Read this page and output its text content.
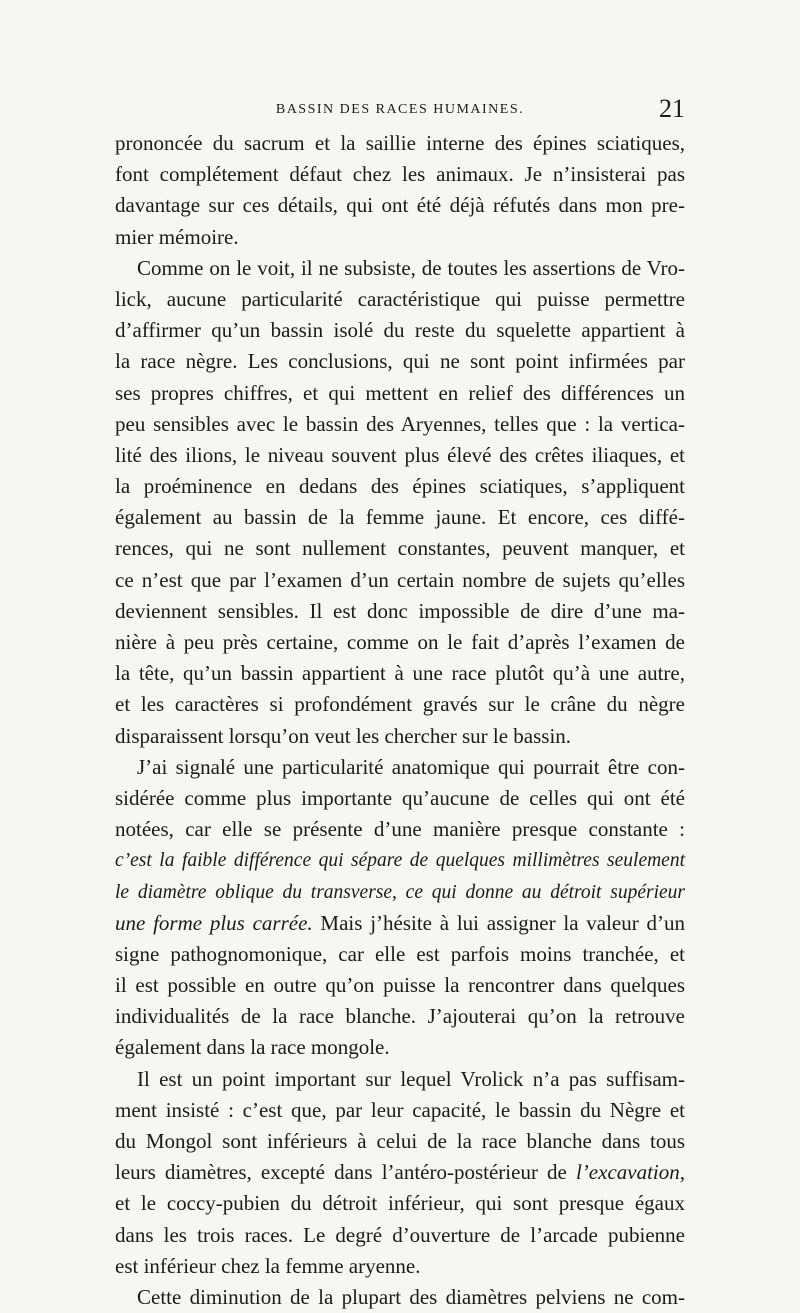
BASSIN DES RACES HUMAINES.	21
prononcée du sacrum et la saillie interne des épines sciatiques,
font complétement défaut chez les animaux. Je n’insisterai pas
davantage sur ces détails, qui ont été déjà réfutés dans mon pre-
mier mémoire.
Comme on le voit, il ne subsiste, de toutes les assertions de Vro-
lick, aucune particularité caractéristique qui puisse permettre
d’affirmer qu’un bassin isolé du reste du squelette appartient à
la race nègre. Les conclusions, qui ne sont point infirmées par
ses propres chiffres, et qui mettent en relief des différences un
peu sensibles avec le bassin des Aryennes, telles que : la vertica-
lité des ilions, le niveau souvent plus élevé des crêtes iliaques, et
la proéminence en dedans des épines sciatiques, s’appliquent
également au bassin de la femme jaune. Et encore, ces diffé-
rences, qui ne sont nullement constantes, peuvent manquer, et
ce n’est que par l’examen d’un certain nombre de sujets qu’elles
deviennent sensibles. Il est donc impossible de dire d’une ma-
nière à peu près certaine, comme on le fait d’après l’examen de
la tête, qu’un bassin appartient à une race plutôt qu’à une autre,
et les caractères si profondément gravés sur le crâne du nègre
disparaissent lorsqu’on veut les chercher sur le bassin.
J’ai signalé une particularité anatomique qui pourrait être con-
sidérée comme plus importante qu’aucune de celles qui ont été
notées, car elle se présente d’une manière presque constante :
c’est la faible différence qui sépare de quelques millimètres seulement
le diamètre oblique du transverse, ce qui donne au détroit supérieur
une forme plus carrée. Mais j’hésite à lui assigner la valeur d’un
signe pathognomonique, car elle est parfois moins tranchée, et
il est possible en outre qu’on puisse la rencontrer dans quelques
individualités de la race blanche. J’ajouterai qu’on la retrouve
également dans la race mongole.
Il est un point important sur lequel Vrolick n’a pas suffisam-
ment insisté : c’est que, par leur capacité, le bassin du Nègre et
du Mongol sont inférieurs à celui de la race blanche dans tous
leurs diamètres, excepté dans l’antéro-postérieur de l’excavation,
et le coccy-pubien du détroit inférieur, qui sont presque égaux
dans les trois races. Le degré d’ouverture de l’arcade pubienne
est inférieur chez la femme aryenne.
Cette diminution de la plupart des diamètres pelviens ne com-
